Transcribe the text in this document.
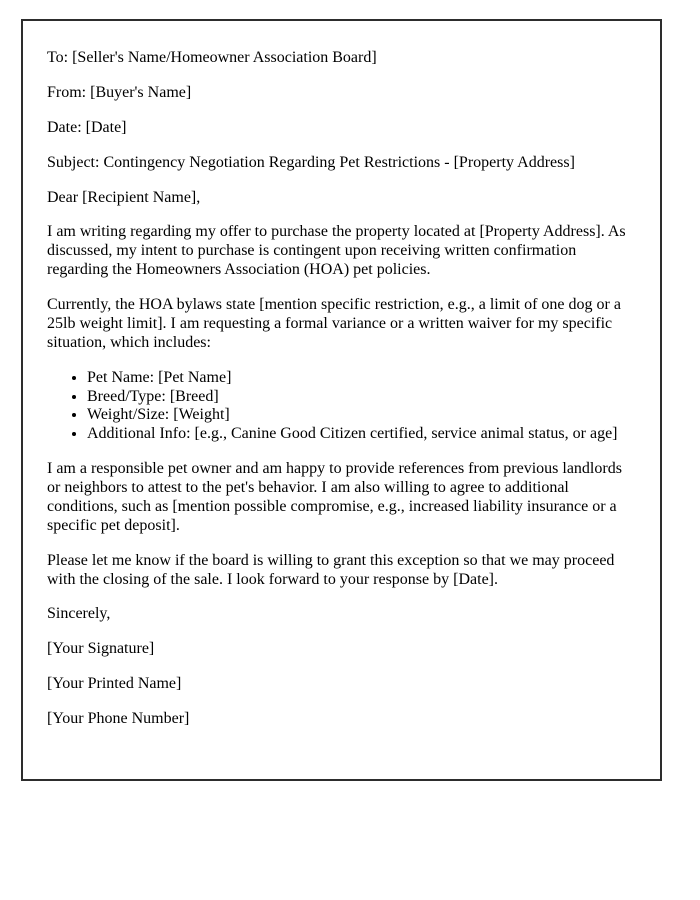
To: [Seller's Name/Homeowner Association Board]

From: [Buyer's Name]

Date: [Date]

Subject: Contingency Negotiation Regarding Pet Restrictions - [Property Address]

Dear [Recipient Name],

I am writing regarding my offer to purchase the property located at [Property Address]. As discussed, my intent to purchase is contingent upon receiving written confirmation regarding the Homeowners Association (HOA) pet policies.

Currently, the HOA bylaws state [mention specific restriction, e.g., a limit of one dog or a 25lb weight limit]. I am requesting a formal variance or a written waiver for my specific situation, which includes:

• Pet Name: [Pet Name]
• Breed/Type: [Breed]
• Weight/Size: [Weight]
• Additional Info: [e.g., Canine Good Citizen certified, service animal status, or age]

I am a responsible pet owner and am happy to provide references from previous landlords or neighbors to attest to the pet's behavior. I am also willing to agree to additional conditions, such as [mention possible compromise, e.g., increased liability insurance or a specific pet deposit].

Please let me know if the board is willing to grant this exception so that we may proceed with the closing of the sale. I look forward to your response by [Date].

Sincerely,

[Your Signature]

[Your Printed Name]

[Your Phone Number]
